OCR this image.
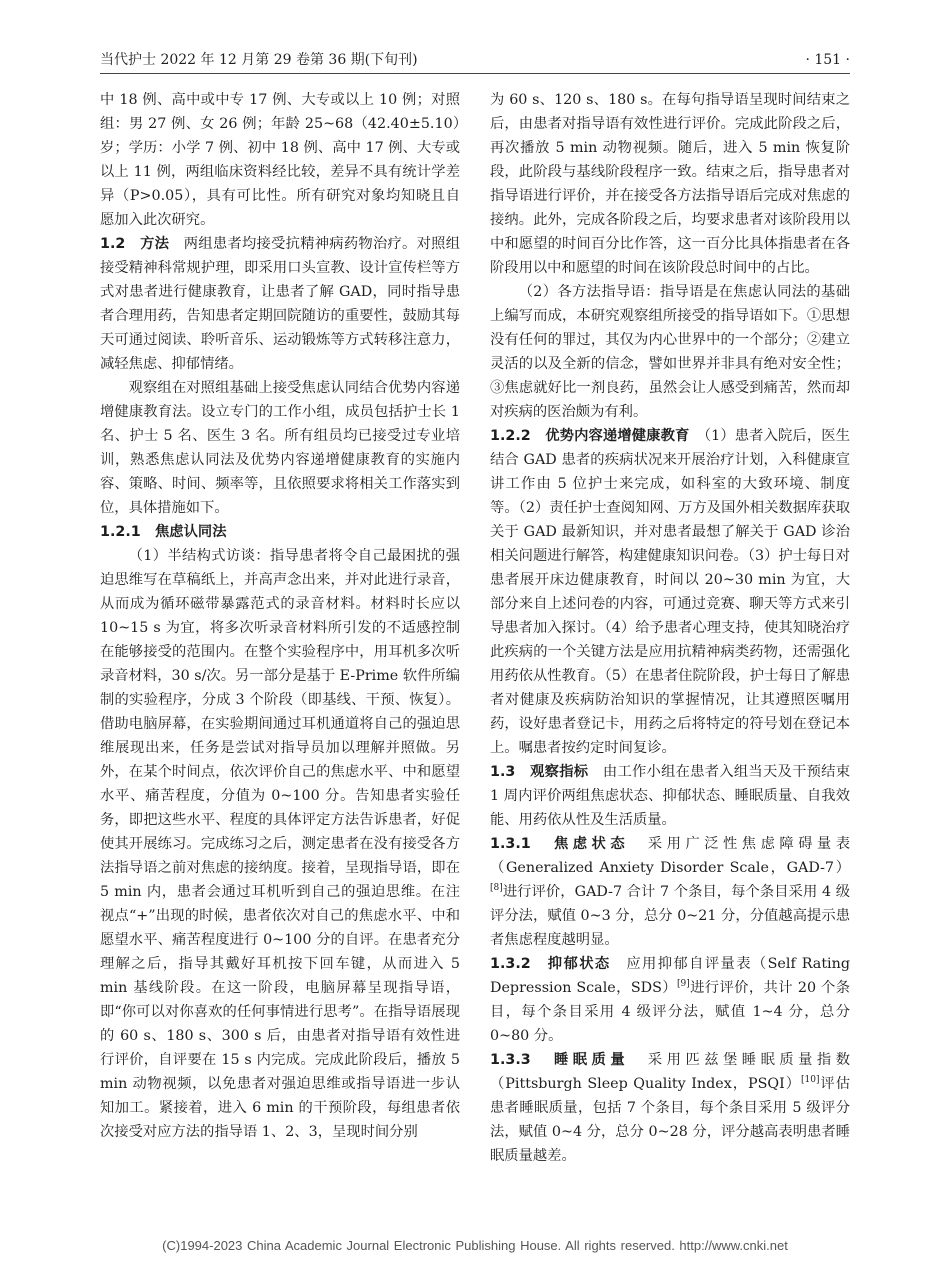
当代护士 2022 年 12 月第 29 卷第 36 期(下旬刊)	· 151 ·

中 18 例、高中或中专 17 例、大专或以上 10 例；对照组：男 27 例、女 26 例；年龄 25~68（42.40±5.10）岁；学历：小学 7 例、初中 18 例、高中 17 例、大专或以上 11 例，两组临床资料经比较，差异不具有统计学差异（P>0.05），具有可比性。所有研究对象均知晓且自愿加入此次研究。

1.2　方法　 两组患者均接受抗精神病药物治疗。对照组接受精神科常规护理，即采用口头宣教、设计宣传栏等方式对患者进行健康教育，让患者了解 GAD，同时指导患者合理用药，告知患者定期回院随访的重要性，鼓励其每天可通过阅读、聆听音乐、运动锻炼等方式转移注意力，减轻焦虑、抑郁情绪。

观察组在对照组基础上接受焦虑认同结合优势内容递增健康教育法。设立专门的工作小组，成员包括护士长 1 名、护士 5 名、医生 3 名。所有组员均已接受过专业培训，熟悉焦虑认同法及优势内容递增健康教育的实施内容、策略、时间、频率等，且依照要求将相关工作落实到位，具体措施如下。

1.2.1　焦虑认同法

（1）半结构式访谈：指导患者将令自己最困扰的强迫思维写在草稿纸上，并高声念出来，并对此进行录音，从而成为循环磁带暴露范式的录音材料。材料时长应以 10~15 s 为宜，将多次听录音材料所引发的不适感控制在能够接受的范围内。在整个实验程序中，用耳机多次听录音材料，30 s/次。另一部分是基于 E-Prime 软件所编制的实验程序，分成 3 个阶段（即基线、干预、恢复）。借助电脑屏幕，在实验期间通过耳机通道将自己的强迫思维展现出来，任务是尝试对指导员加以理解并照做。另外，在某个时间点，依次评价自己的焦虑水平、中和愿望水平、痛苦程度，分值为 0~100 分。告知患者实验任务，即把这些水平、程度的具体评定方法告诉患者，好促使其开展练习。完成练习之后，测定患者在没有接受各方法指导语之前对焦虑的接纳度。接着，呈现指导语，即在 5 min 内，患者会通过耳机听到自己的强迫思维。在注视点“+”出现的时候，患者依次对自己的焦虑水平、中和愿望水平、痛苦程度进行 0~100 分的自评。在患者充分理解之后，指导其戴好耳机按下回车键，从而进入 5 min 基线阶段。在这一阶段，电脑屏幕呈现指导语，即“你可以对你喜欢的任何事情进行思考”。在指导语展现的 60 s、180 s、300 s 后，由患者对指导语有效性进行评价，自评要在 15 s 内完成。完成此阶段后，播放 5 min 动物视频，以免患者对强迫思维或指导语进一步认知加工。紧接着，进入 6 min 的干预阶段，每组患者依次接受对应方法的指导语 1、2、3，呈现时间分别

为 60 s、120 s、180 s。在每句指导语呈现时间结束之后，由患者对指导语有效性进行评价。完成此阶段之后，再次播放 5 min 动物视频。随后，进入 5 min 恢复阶段，此阶段与基线阶段程序一致。结束之后，指导患者对指导语进行评价，并在接受各方法指导语后完成对焦虑的接纳。此外，完成各阶段之后，均要求患者对该阶段用以中和愿望的时间百分比作答，这一百分比具体指患者在各阶段用以中和愿望的时间在该阶段总时间中的占比。

（2）各方法指导语：指导语是在焦虑认同法的基础上编写而成，本研究观察组所接受的指导语如下。①思想没有任何的罪过，其仅为内心世界中的一个部分；②建立灵活的以及全新的信念，譬如世界并非具有绝对安全性；③焦虑就好比一剂良药，虽然会让人感受到痛苦，然而却对疾病的医治颇为有利。

1.2.2　优势内容递增健康教育　 （1）患者入院后，医生结合 GAD 患者的疾病状况来开展治疗计划，入科健康宣讲工作由 5 位护士来完成，如科室的大致环境、制度等。（2）责任护士查阅知网、万方及国外相关数据库获取关于 GAD 最新知识，并对患者最想了解关于 GAD 诊治相关问题进行解答，构建健康知识问卷。（3）护士每日对患者展开床边健康教育，时间以 20~30 min 为宜，大部分来自上述问卷的内容，可通过竞赛、聊天等方式来引导患者加入探讨。（4）给予患者心理支持，使其知晓治疗此疾病的一个关键方法是应用抗精神病类药物，还需强化用药依从性教育。（5）在患者住院阶段，护士每日了解患者对健康及疾病防治知识的掌握情况，让其遵照医嘱用药，设好患者登记卡，用药之后将特定的符号划在登记本上。嘱患者按约定时间复诊。

1.3　观察指标　 由工作小组在患者入组当天及干预结束 1 周内评价两组焦虑状态、抑郁状态、睡眠质量、自我效能、用药依从性及生活质量。

1.3.1　焦虑状态　 采用广泛性焦虑障碍量表（Generalized Anxiety Disorder Scale，GAD-7）[8]进行评价，GAD-7 合计 7 个条目，每个条目采用 4 级评分法，赋值 0~3 分，总分 0~21 分，分值越高提示患者焦虑程度越明显。

1.3.2　抑郁状态　 应用抑郁自评量表（Self Rating Depression Scale，SDS）[9]进行评价，共计 20 个条目，每个条目采用 4 级评分法，赋值 1~4 分，总分 0~80 分。

1.3.3　睡眠质量　 采用匹兹堡睡眠质量指数（Pittsburgh Sleep Quality Index，PSQI）[10]评估患者睡眠质量，包括 7 个条目，每个条目采用 5 级评分法，赋值 0~4 分，总分 0~28 分，评分越高表明患者睡眠质量越差。

(C)1994-2023 China Academic Journal Electronic Publishing House. All rights reserved. http://www.cnki.net
